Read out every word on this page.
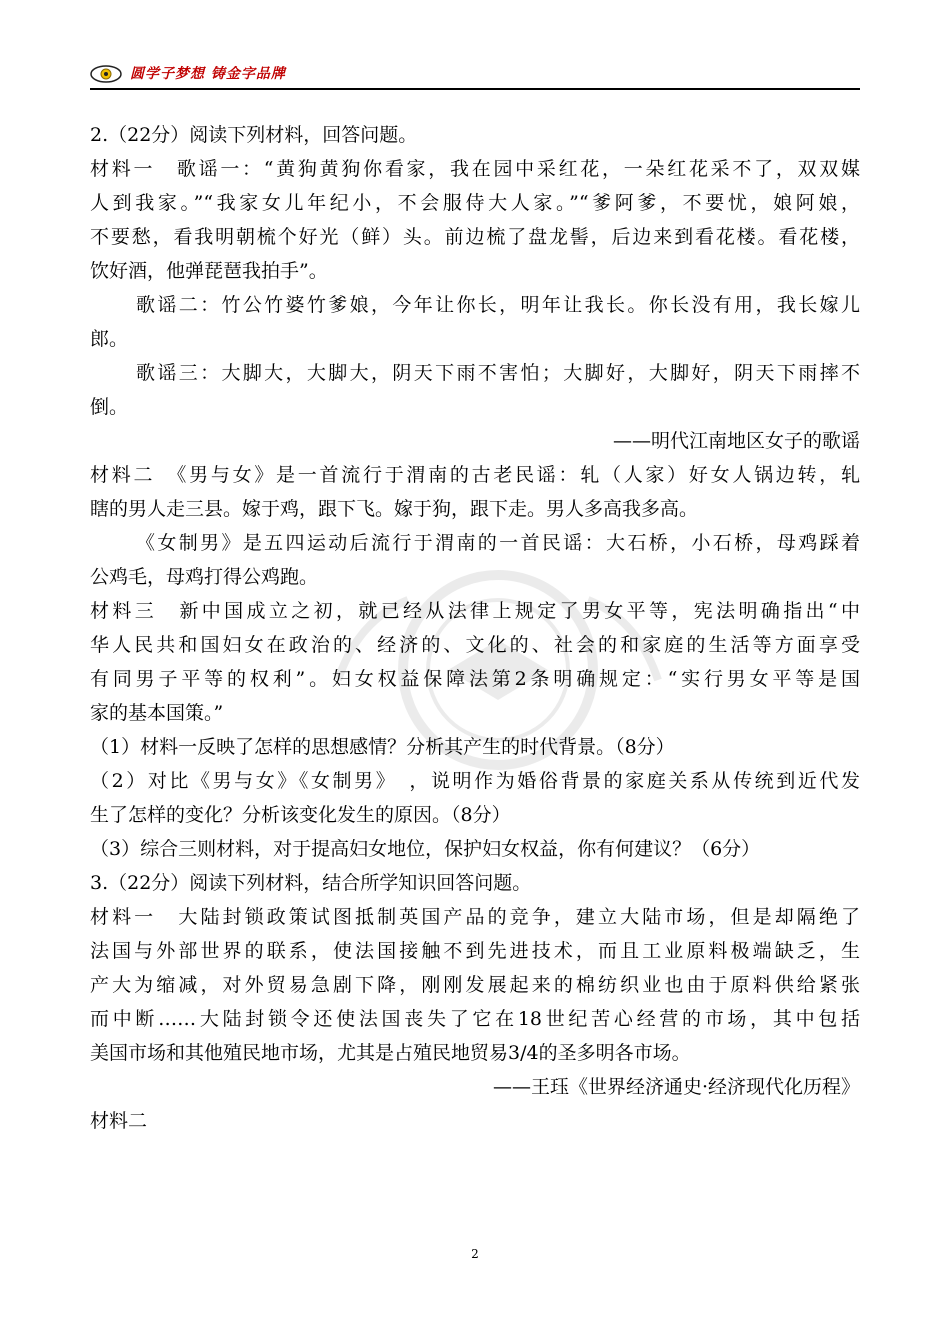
圆学子梦想 铸金字品牌
2.（22分）阅读下列材料，回答问题。
材料一　歌谣一：“黄狗黄狗你看家，我在园中采红花，一朵红花采不了，双双媒
人到我家。”“我家女儿年纪小，不会服侍大人家。”“爹阿爹，不要忧，娘阿娘，
不要愁，看我明朝梳个好光（鲜）头。前边梳了盘龙髻，后边来到看花楼。看花楼，
饮好酒，他弹琵琶我拍手”。
歌谣二：竹公竹婆竹爹娘，今年让你长，明年让我长。你长没有用，我长嫁儿
郎。
歌谣三：大脚大，大脚大，阴天下雨不害怕；大脚好，大脚好，阴天下雨摔不
倒。
——明代江南地区女子的歌谣
材料二　《男与女》是一首流行于渭南的古老民谣：轧（人家）好女人锅边转，轧
瞎的男人走三县。嫁于鸡，跟下飞。嫁于狗，跟下走。男人多高我多高。
《女制男》是五四运动后流行于渭南的一首民谣：大石桥，小石桥，母鸡踩着
公鸡毛，母鸡打得公鸡跑。
材料三　新中国成立之初，就已经从法律上规定了男女平等，宪法明确指出“中
华人民共和国妇女在政治的、经济的、文化的、社会的和家庭的生活等方面享受
有同男子平等的权利”。妇女权益保障法第2条明确规定：“实行男女平等是国
家的基本国策。”
（1）材料一反映了怎样的思想感情？分析其产生的时代背景。（8分）
（2）对比《男与女》《女制男》　，说明作为婚俗背景的家庭关系从传统到近代发
生了怎样的变化？分析该变化发生的原因。（8分）
（3）综合三则材料，对于提高妇女地位，保护妇女权益，你有何建议？（6分）
3.（22分）阅读下列材料，结合所学知识回答问题。
材料一　大陆封锁政策试图抵制英国产品的竞争，建立大陆市场，但是却隔绝了
法国与外部世界的联系，使法国接触不到先进技术，而且工业原料极端缺乏，生
产大为缩减，对外贸易急剧下降，刚刚发展起来的棉纺织业也由于原料供给紧张
而中断……大陆封锁令还使法国丧失了它在18世纪苦心经营的市场，其中包括
美国市场和其他殖民地市场，尤其是占殖民地贸易3/4的圣多明各市场。
——王珏《世界经济通史·经济现代化历程》
材料二
2
